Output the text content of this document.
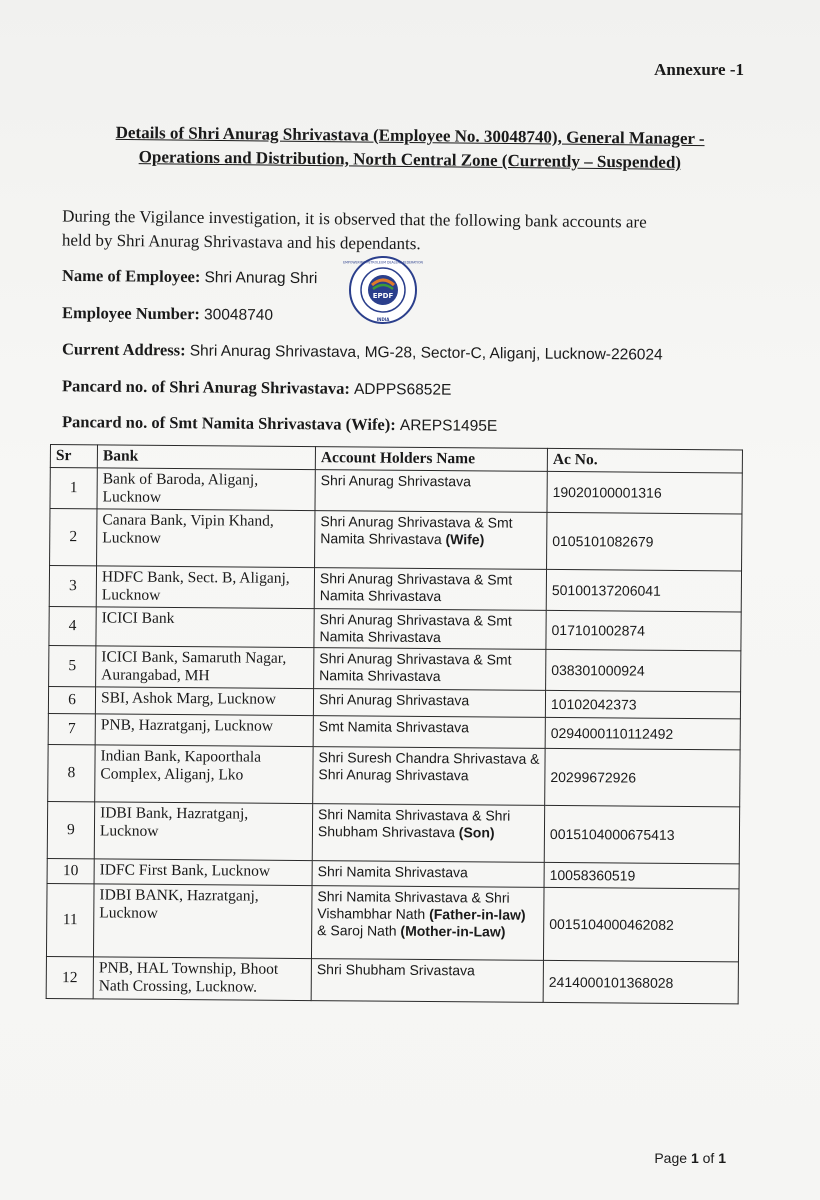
Annexure -1
Details of Shri Anurag Shrivastava (Employee No. 30048740), General Manager -
Operations and Distribution, North Central Zone (Currently – Suspended)
During the Vigilance investigation, it is observed that the following bank accounts are
held by Shri Anurag Shrivastava and his dependants.
Name of Employee: Shri Anurag Shri
EPDF
EMPOWERING PETROLEUM DEALERS FEDERATION
INDIA
Employee Number: 30048740
Current Address: Shri Anurag Shrivastava, MG-28, Sector-C, Aliganj, Lucknow-226024
Pancard no. of Shri Anurag Shrivastava: ADPPS6852E
Pancard no. of Smt Namita Shrivastava (Wife): AREPS1495E
Sr	Bank	Account Holders Name	Ac No.
1	Bank of Baroda, Aliganj, Lucknow	Shri Anurag Shrivastava	19020100001316
2	Canara Bank, Vipin Khand, Lucknow	Shri Anurag Shrivastava & Smt Namita Shrivastava (Wife)	0105101082679
3	HDFC Bank, Sect. B, Aliganj, Lucknow	Shri Anurag Shrivastava & Smt Namita Shrivastava	50100137206041
4	ICICI Bank	Shri Anurag Shrivastava & Smt Namita Shrivastava	017101002874
5	ICICI Bank, Samaruth Nagar, Aurangabad, MH	Shri Anurag Shrivastava & Smt Namita Shrivastava	038301000924
6	SBI, Ashok Marg, Lucknow	Shri Anurag Shrivastava	10102042373
7	PNB, Hazratganj, Lucknow	Smt Namita Shrivastava	0294000110112492
8	Indian Bank, Kapoorthala Complex, Aliganj, Lko	Shri Suresh Chandra Shrivastava & Shri Anurag Shrivastava	20299672926
9	IDBI Bank, Hazratganj, Lucknow	Shri Namita Shrivastava & Shri Shubham Shrivastava (Son)	0015104000675413
10	IDFC First Bank, Lucknow	Shri Namita Shrivastava	10058360519
11	IDBI BANK, Hazratganj, Lucknow	Shri Namita Shrivastava & Shri Vishambhar Nath (Father-in-law) & Saroj Nath (Mother-in-Law)	0015104000462082
12	PNB, HAL Township, Bhoot Nath Crossing, Lucknow.	Shri Shubham Srivastava	2414000101368028
Page 1 of 1
